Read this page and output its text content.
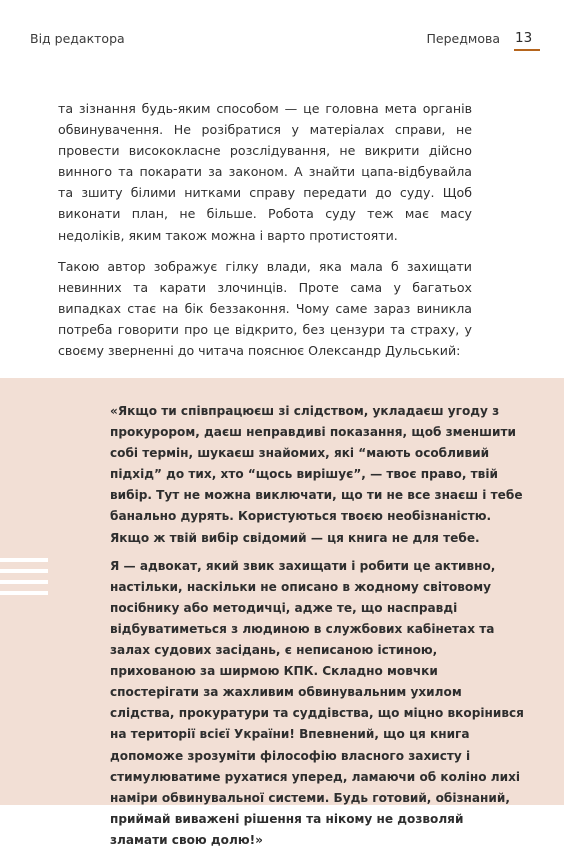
Від редактора	Передмова 13

та зізнання будь-яким способом — це головна мета органів обвинувачення. Не розібратися у матеріалах справи, не провести висококласне розслідування, не викрити дійсно винного та покарати за законом. А знайти цапа-відбувайла та зшиту білими нитками справу передати до суду. Щоб виконати план, не більше. Робота суду теж має масу недоліків, яким також можна і варто протистояти.

Такою автор зображує гілку влади, яка мала б захищати невинних та карати злочинців. Проте сама у багатьох випадках стає на бік беззаконня. Чому саме зараз виникла потреба говорити про це відкрито, без цензури та страху, у своєму зверненні до читача пояснює Олександр Дульський:

«Якщо ти співпрацюєш зі слідством, укладаєш угоду з прокурором, даєш неправдиві показання, щоб зменшити собі термін, шукаєш знайомих, які “мають особливий підхід” до тих, хто “щось вирішує”, — твоє право, твій вибір. Тут не можна виключати, що ти не все знаєш і тебе банально дурять. Користуються твоєю необізнаністю. Якщо ж твій вибір свідомий — ця книга не для тебе.

Я — адвокат, який звик захищати і робити це активно, настільки, наскільки не описано в жодному світовому посібнику або методичці, адже те, що насправді відбуватиметься з людиною в службових кабінетах та залах судових засідань, є неписаною істиною, прихованою за ширмою КПК. Складно мовчки спостерігати за жахливим обвинувальним ухилом слідства, прокуратури та суддівства, що міцно вкорінився на території всієї України! Впевнений, що ця книга допоможе зрозуміти філософію власного захисту і стимулюватиме рухатися уперед, ламаючи об коліно лихі наміри обвинувальної системи. Будь готовий, обізнаний, приймай виважені рішення та нікому не дозволяй зламати свою долю!»
